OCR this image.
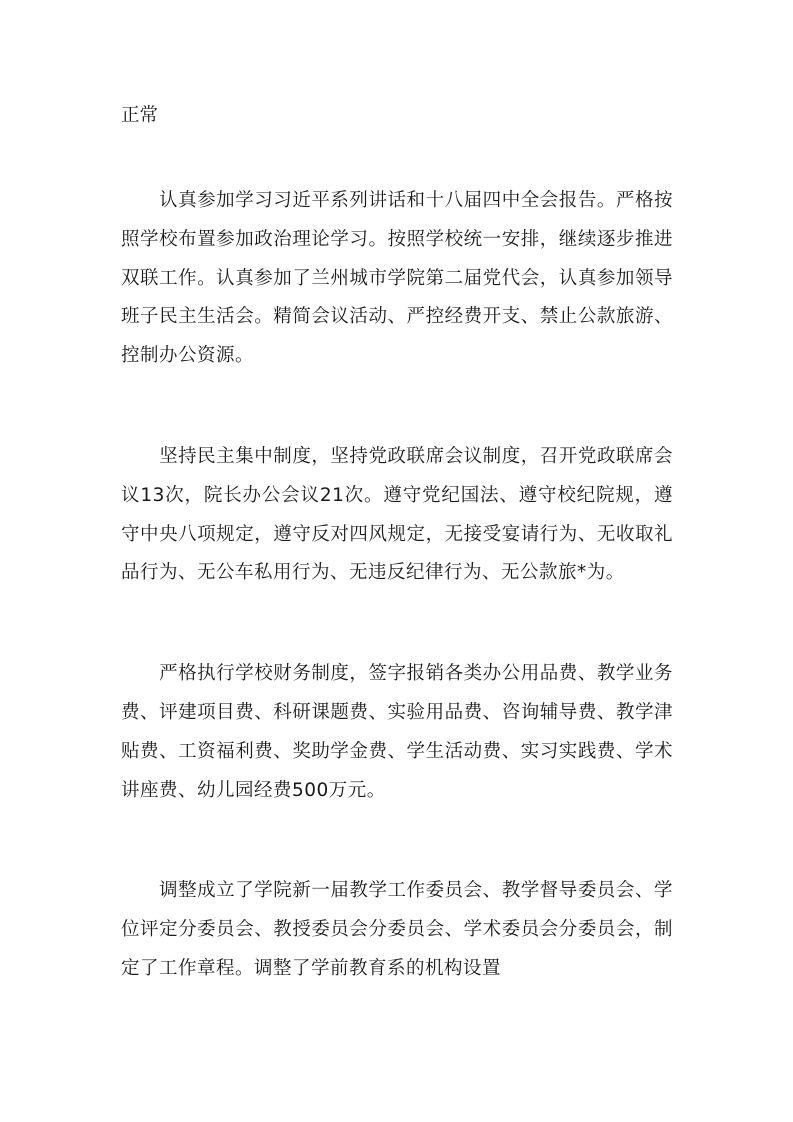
正常

　　认真参加学习习近平系列讲话和十八届四中全会报告。严格按照学校布置参加政治理论学习。按照学校统一安排，继续逐步推进双联工作。认真参加了兰州城市学院第二届党代会，认真参加领导班子民主生活会。精简会议活动、严控经费开支、禁止公款旅游、控制办公资源。

　　坚持民主集中制度，坚持党政联席会议制度，召开党政联席会议13次，院长办公会议21次。遵守党纪国法、遵守校纪院规，遵守中央八项规定，遵守反对四风规定，无接受宴请行为、无收取礼品行为、无公车私用行为、无违反纪律行为、无公款旅*为。

　　严格执行学校财务制度，签字报销各类办公用品费、教学业务费、评建项目费、科研课题费、实验用品费、咨询辅导费、教学津贴费、工资福利费、奖助学金费、学生活动费、实习实践费、学术讲座费、幼儿园经费500万元。

　　调整成立了学院新一届教学工作委员会、教学督导委员会、学位评定分委员会、教授委员会分委员会、学术委员会分委员会，制定了工作章程。调整了学前教育系的机构设置
